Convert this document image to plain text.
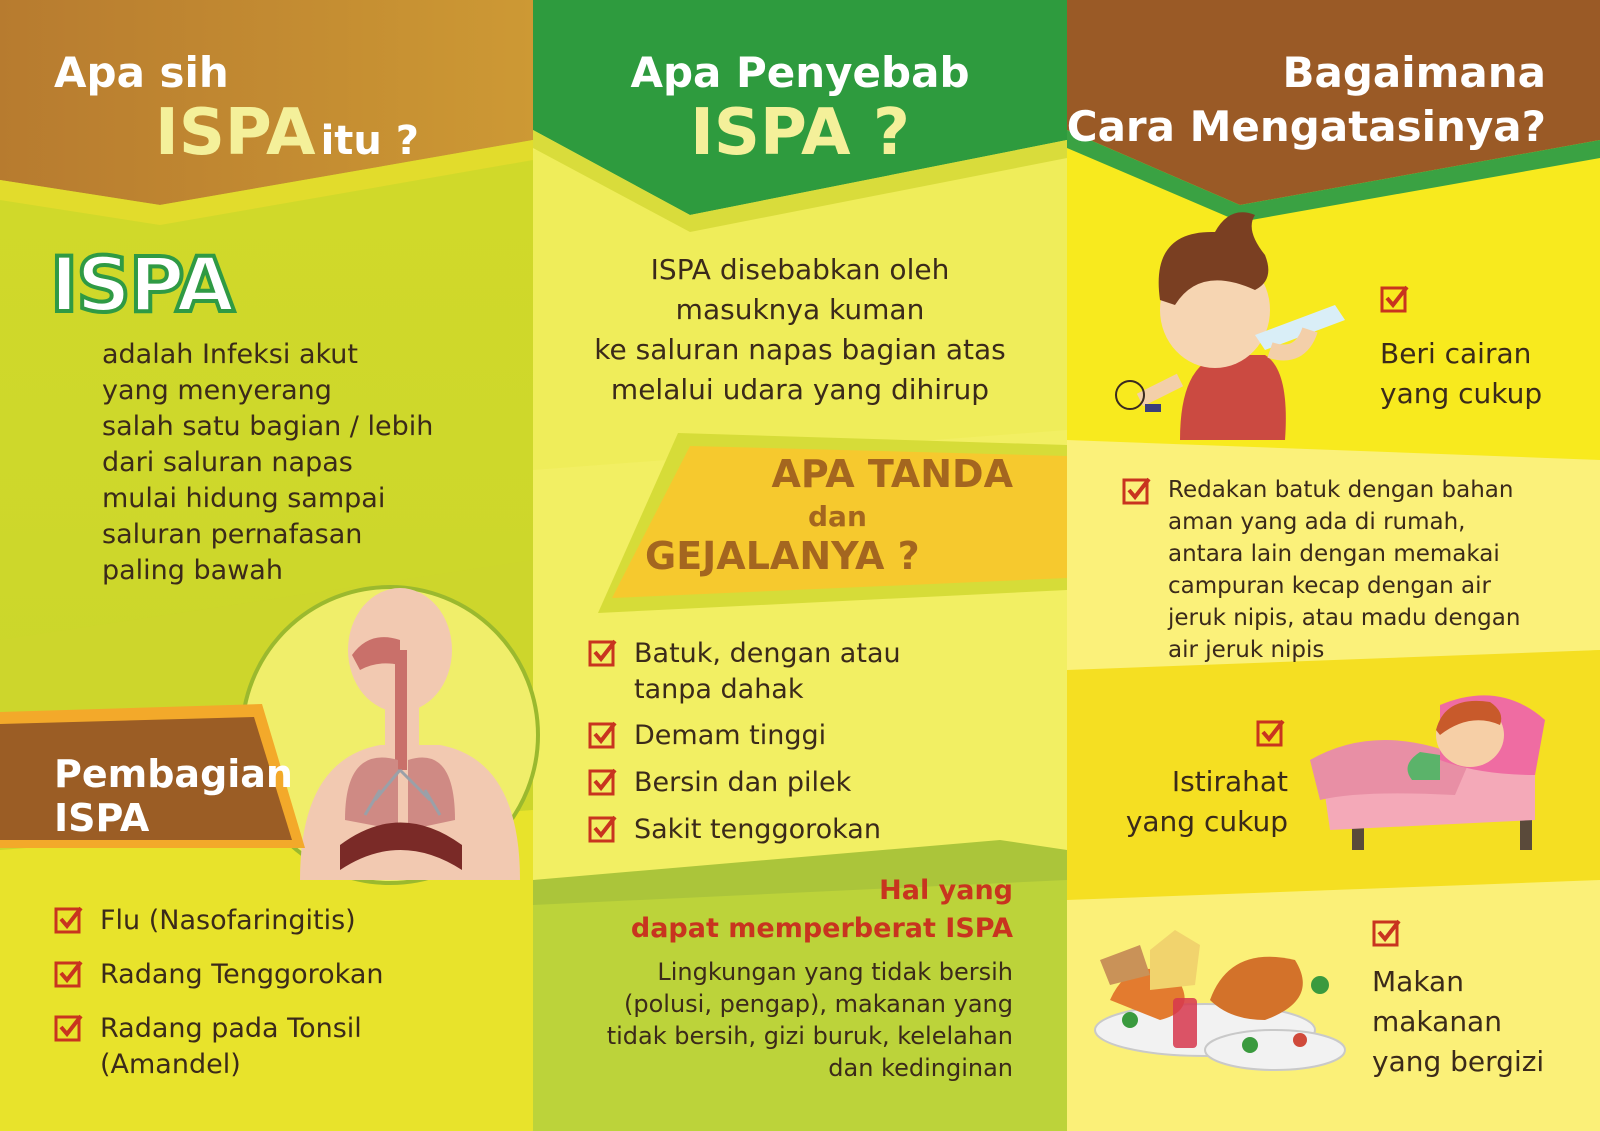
Apa sih
ISPA itu ?
ISPA
adalah Infeksi akut
yang menyerang
salah satu bagian / lebih
dari saluran napas
mulai hidung sampai
saluran pernafasan
paling bawah
Pembagian
ISPA
Flu (Nasofaringitis)
Radang Tenggorokan
Radang pada Tonsil
(Amandel)
Apa Penyebab
ISPA ?
ISPA disebabkan oleh
masuknya kuman
ke saluran napas bagian atas
melalui udara yang dihirup
APA TANDA
dan
GEJALANYA ?
Batuk, dengan atau
tanpa dahak
Demam tinggi
Bersin dan pilek
Sakit tenggorokan
Hal yang
dapat memperberat ISPA
Lingkungan yang tidak bersih
(polusi, pengap), makanan yang
tidak bersih, gizi buruk, kelelahan
dan kedinginan
Bagaimana
Cara Mengatasinya?
Beri cairan
yang cukup
Redakan batuk dengan bahan
aman yang ada di rumah,
antara lain dengan memakai
campuran kecap dengan air
jeruk nipis, atau madu dengan
air jeruk nipis
Istirahat
yang cukup
Makan
makanan
yang bergizi
